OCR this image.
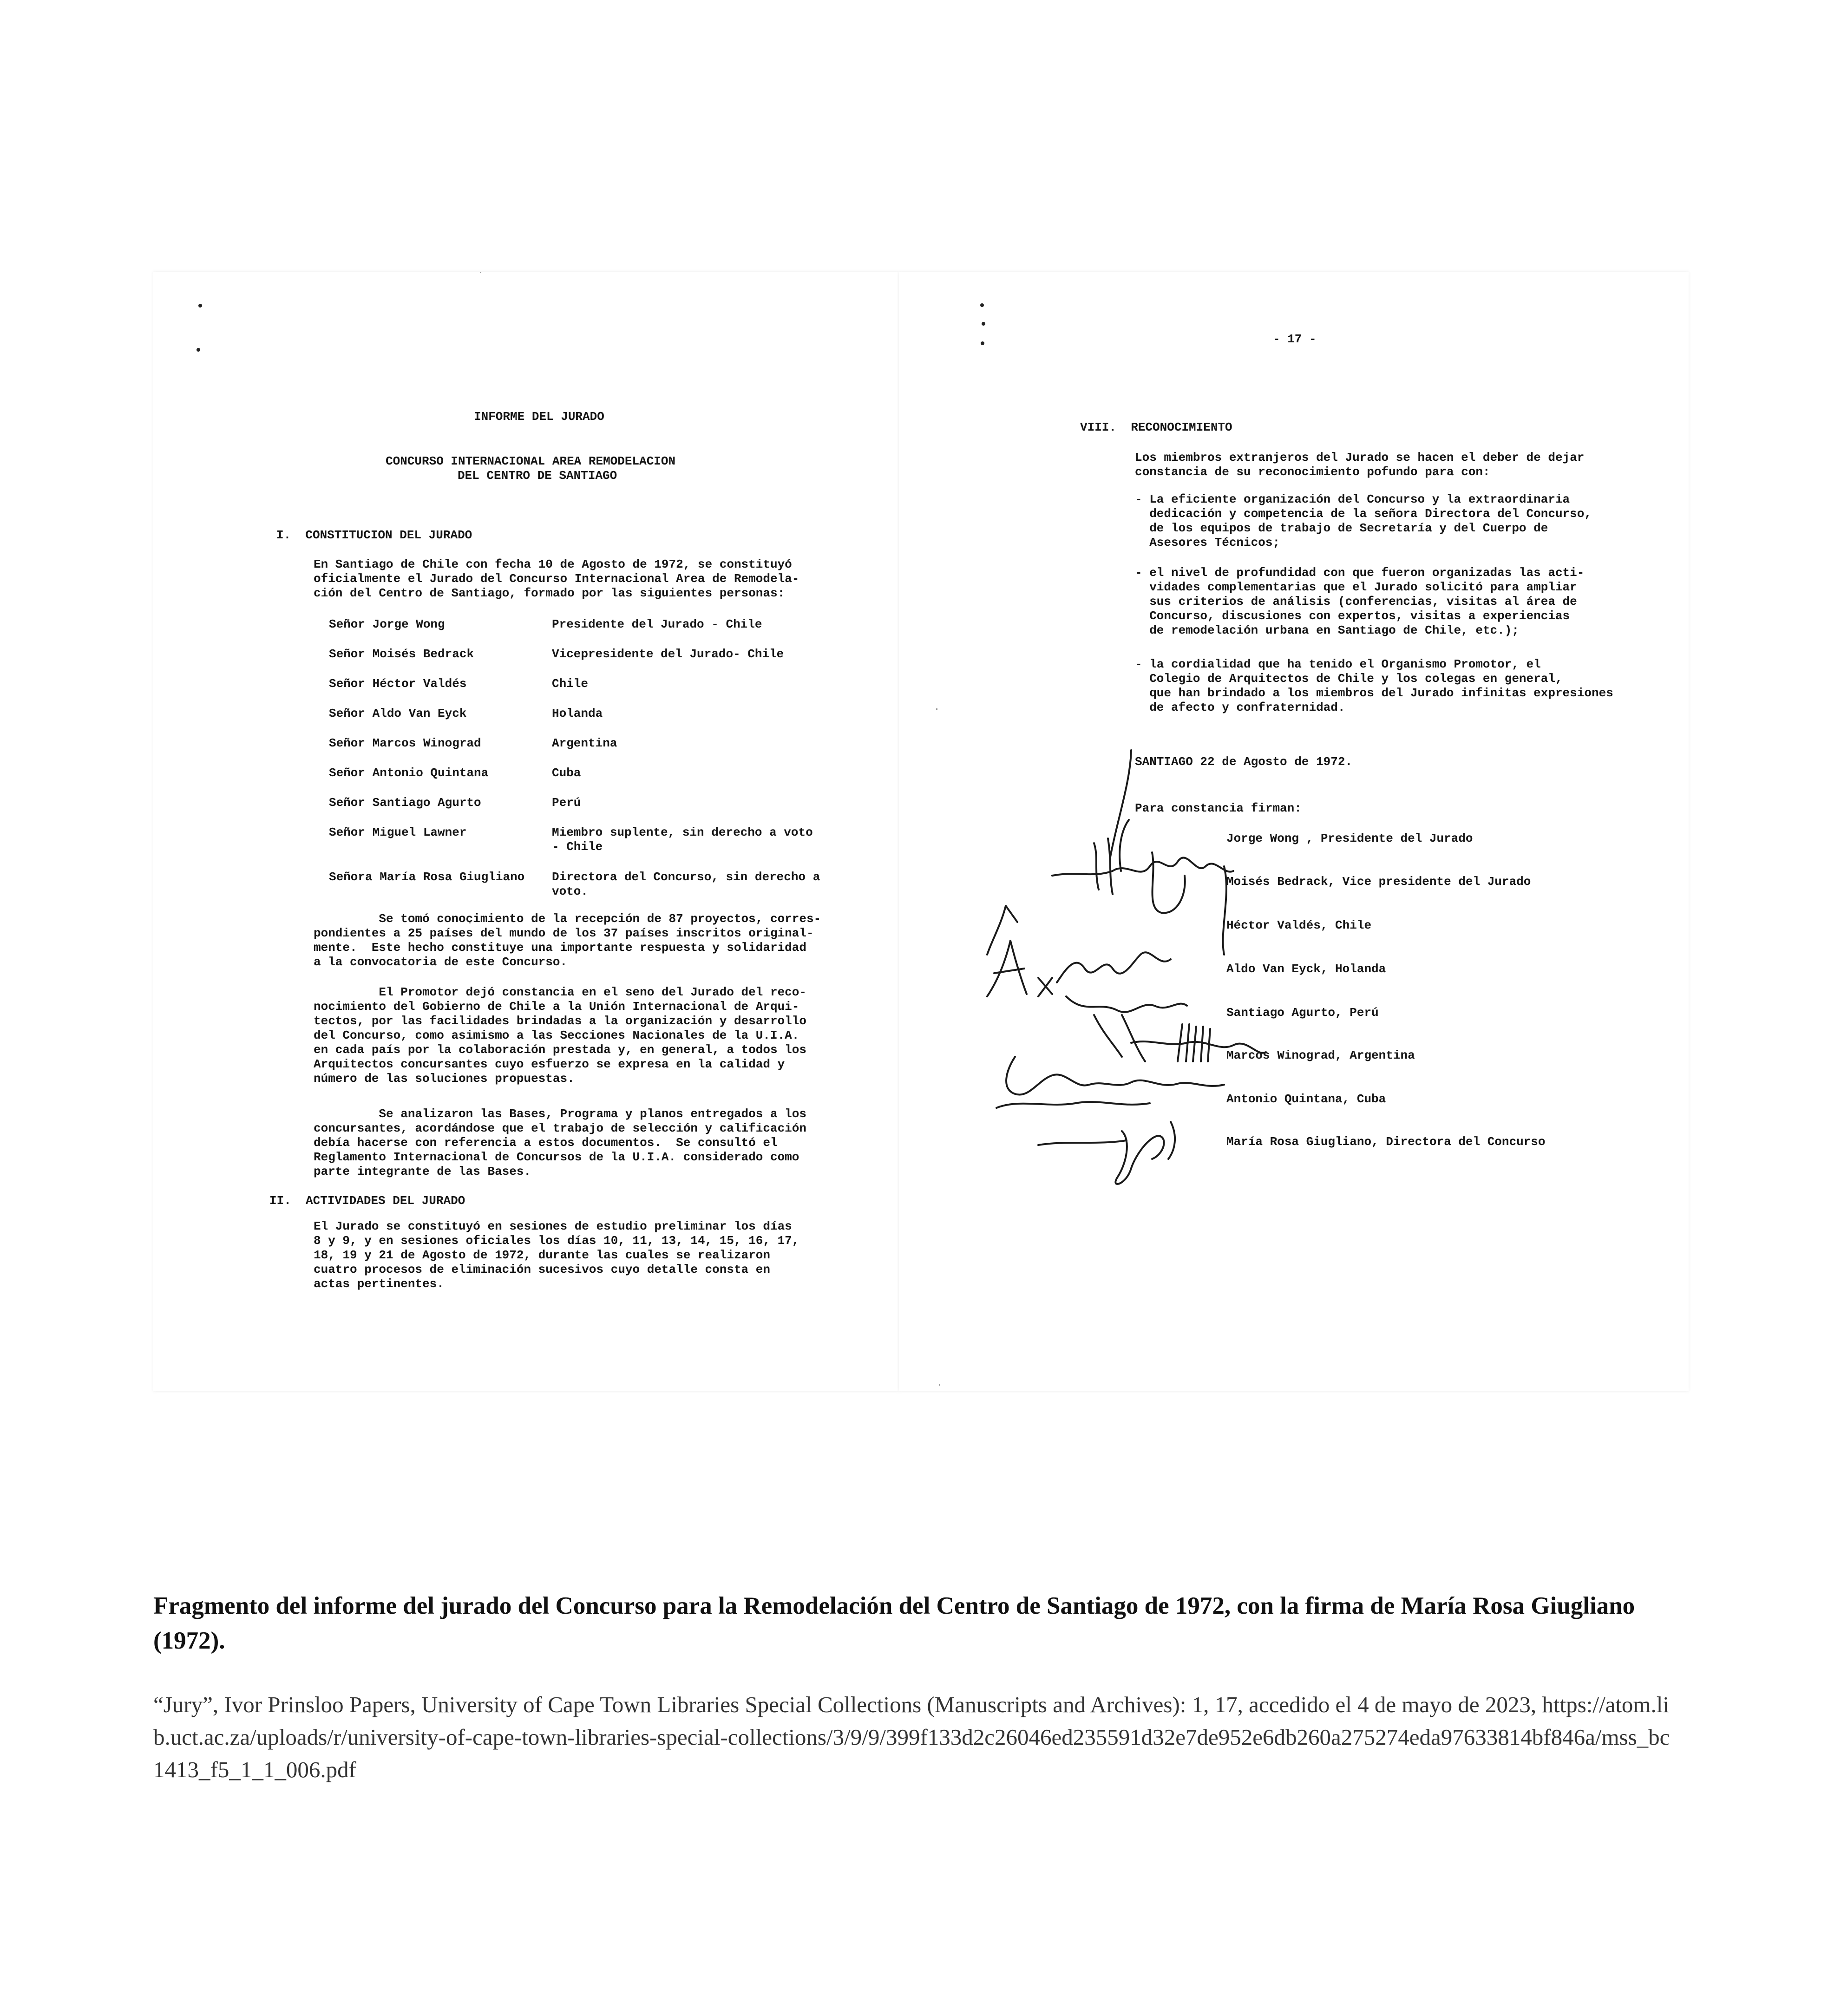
INFORME DEL JURADO

CONCURSO INTERNACIONAL AREA REMODELACION

DEL CENTRO DE SANTIAGO

I.  CONSTITUCION DEL JURADO

En Santiago de Chile con fecha 10 de Agosto de 1972, se constituyó
oficialmente el Jurado del Concurso Internacional Area de Remodela-
ción del Centro de Santiago, formado por las siguientes personas:

Señor Jorge Wong	Presidente del Jurado - Chile

Señor Moisés Bedrack	Vicepresidente del Jurado- Chile

Señor Héctor Valdés	Chile

Señor Aldo Van Eyck	Holanda

Señor Marcos Winograd	Argentina

Señor Antonio Quintana	Cuba

Señor Santiago Agurto	Perú

Señor Miguel Lawner	Miembro suplente, sin derecho a voto
- Chile

Señora María Rosa Giugliano Directora del Concurso, sin derecho a
voto.

Se tomó conocimiento de la recepción de 87 proyectos, corres-
pondientes a 25 países del mundo de los 37 países inscritos original-
mente.  Este hecho constituye una importante respuesta y solidaridad
a la convocatoria de este Concurso.

El Promotor dejó constancia en el seno del Jurado del reco-
nocimiento del Gobierno de Chile a la Unión Internacional de Arqui-
tectos, por las facilidades brindadas a la organización y desarrollo
del Concurso, como asimismo a las Secciones Nacionales de la U.I.A.
en cada país por la colaboración prestada y, en general, a todos los
Arquitectos concursantes cuyo esfuerzo se expresa en la calidad y
número de las soluciones propuestas.

Se analizaron las Bases, Programa y planos entregados a los
concursantes, acordándose que el trabajo de selección y calificación
debía hacerse con referencia a estos documentos.  Se consultó el
Reglamento Internacional de Concursos de la U.I.A. considerado como
parte integrante de las Bases.

II.  ACTIVIDADES DEL JURADO

El Jurado se constituyó en sesiones de estudio preliminar los días
8 y 9, y en sesiones oficiales los días 10, 11, 13, 14, 15, 16, 17,
18, 19 y 21 de Agosto de 1972, durante las cuales se realizaron
cuatro procesos de eliminación sucesivos cuyo detalle consta en
actas pertinentes.

- 17 -

VIII.  RECONOCIMIENTO

Los miembros extranjeros del Jurado se hacen el deber de dejar
constancia de su reconocimiento pofundo para con:

- La eficiente organización del Concurso y la extraordinaria
dedicación y competencia de la señora Directora del Concurso,
de los equipos de trabajo de Secretaría y del Cuerpo de
Asesores Técnicos;

- el nivel de profundidad con que fueron organizadas las acti-
vidades complementarias que el Jurado solicitó para ampliar
sus criterios de análisis (conferencias, visitas al área de
Concurso, discusiones con expertos, visitas a experiencias
de remodelación urbana en Santiago de Chile, etc.);

- la cordialidad que ha tenido el Organismo Promotor, el
Colegio de Arquitectos de Chile y los colegas en general,
que han brindado a los miembros del Jurado infinitas expresiones
de afecto y confraternidad.

SANTIAGO 22 de Agosto de 1972.

Para constancia firman:

Jorge Wong , Presidente del Jurado

Moisés Bedrack, Vice presidente del Jurado

Héctor Valdés, Chile

Aldo Van Eyck, Holanda

Santiago Agurto, Perú

Marcos Winograd, Argentina

Antonio Quintana, Cuba

María Rosa Giugliano, Directora del Concurso

Fragmento del informe del jurado del Concurso para la Remodelación del Centro de Santiago de 1972, con la firma de María Rosa Giugliano (1972).

“Jury”, Ivor Prinsloo Papers, University of Cape Town Libraries Special Collections (Manuscripts and Archives): 1, 17, accedido el 4 de mayo de 2023, https://atom.lib.uct.ac.za/uploads/r/university-of-cape-town-libraries-special-collections/3/9/9/399f133d2c26046ed235591d32e7de952e6db260a275274eda97633814bf846a/mss_bc1413_f5_1_1_006.pdf
